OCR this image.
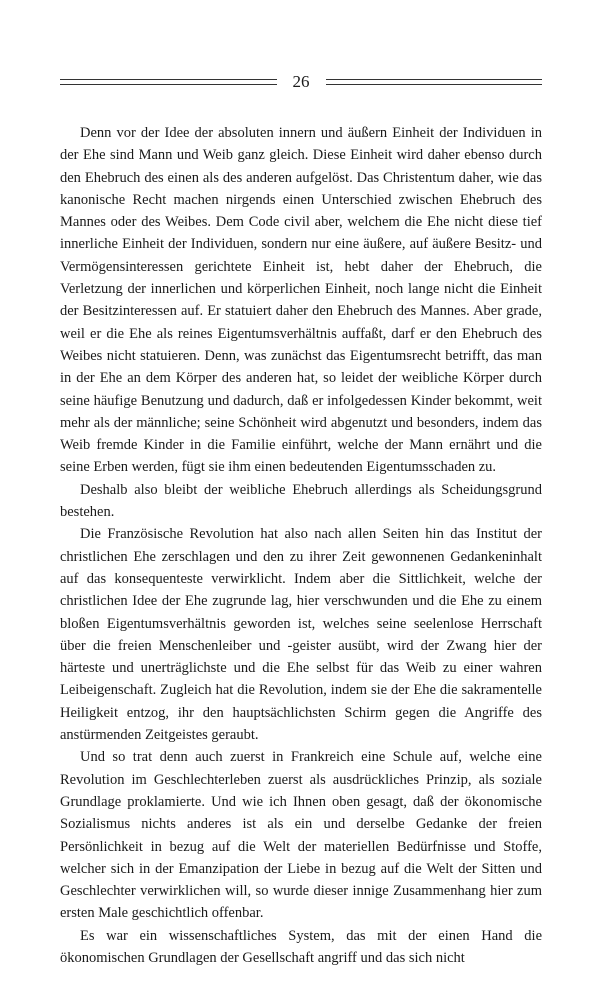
26

Denn vor der Idee der absoluten innern und äußern Einheit der Individuen in der Ehe sind Mann und Weib ganz gleich. Diese Einheit wird daher ebenso durch den Ehebruch des einen als des anderen aufgelöst. Das Christentum daher, wie das kanonische Recht machen nirgends einen Unterschied zwischen Ehebruch des Mannes oder des Weibes. Dem Code civil aber, welchem die Ehe nicht diese tief innerliche Einheit der Individuen, sondern nur eine äußere, auf äußere Besitz- und Vermögensinteressen gerichtete Einheit ist, hebt daher der Ehebruch, die Verletzung der innerlichen und körperlichen Einheit, noch lange nicht die Einheit der Besitzinteressen auf. Er statuiert daher den Ehebruch des Mannes. Aber grade, weil er die Ehe als reines Eigentumsverhältnis auffaßt, darf er den Ehebruch des Weibes nicht statuieren. Denn, was zunächst das Eigentumsrecht betrifft, das man in der Ehe an dem Körper des anderen hat, so leidet der weibliche Körper durch seine häufige Benutzung und dadurch, daß er infolgedessen Kinder bekommt, weit mehr als der männliche; seine Schönheit wird abgenutzt und besonders, indem das Weib fremde Kinder in die Familie einführt, welche der Mann ernährt und die seine Erben werden, fügt sie ihm einen bedeutenden Eigentumsschaden zu.

Deshalb also bleibt der weibliche Ehebruch allerdings als Scheidungsgrund bestehen.

Die Französische Revolution hat also nach allen Seiten hin das Institut der christlichen Ehe zerschlagen und den zu ihrer Zeit gewonnenen Gedankeninhalt auf das konsequenteste verwirklicht. Indem aber die Sittlichkeit, welche der christlichen Idee der Ehe zugrunde lag, hier verschwunden und die Ehe zu einem bloßen Eigentumsverhältnis geworden ist, welches seine seelenlose Herrschaft über die freien Menschenleiber und -geister ausübt, wird der Zwang hier der härteste und unerträglichste und die Ehe selbst für das Weib zu einer wahren Leibeigenschaft. Zugleich hat die Revolution, indem sie der Ehe die sakramentelle Heiligkeit entzog, ihr den hauptsächlichsten Schirm gegen die Angriffe des anstürmenden Zeitgeistes geraubt.

Und so trat denn auch zuerst in Frankreich eine Schule auf, welche eine Revolution im Geschlechterleben zuerst als ausdrückliches Prinzip, als soziale Grundlage proklamierte. Und wie ich Ihnen oben gesagt, daß der ökonomische Sozialismus nichts anderes ist als ein und derselbe Gedanke der freien Persönlichkeit in bezug auf die Welt der materiellen Bedürfnisse und Stoffe, welcher sich in der Emanzipation der Liebe in bezug auf die Welt der Sitten und Geschlechter verwirklichen will, so wurde dieser innige Zusammenhang hier zum ersten Male geschichtlich offenbar.

Es war ein wissenschaftliches System, das mit der einen Hand die ökonomischen Grundlagen der Gesellschaft angriff und das sich nicht
